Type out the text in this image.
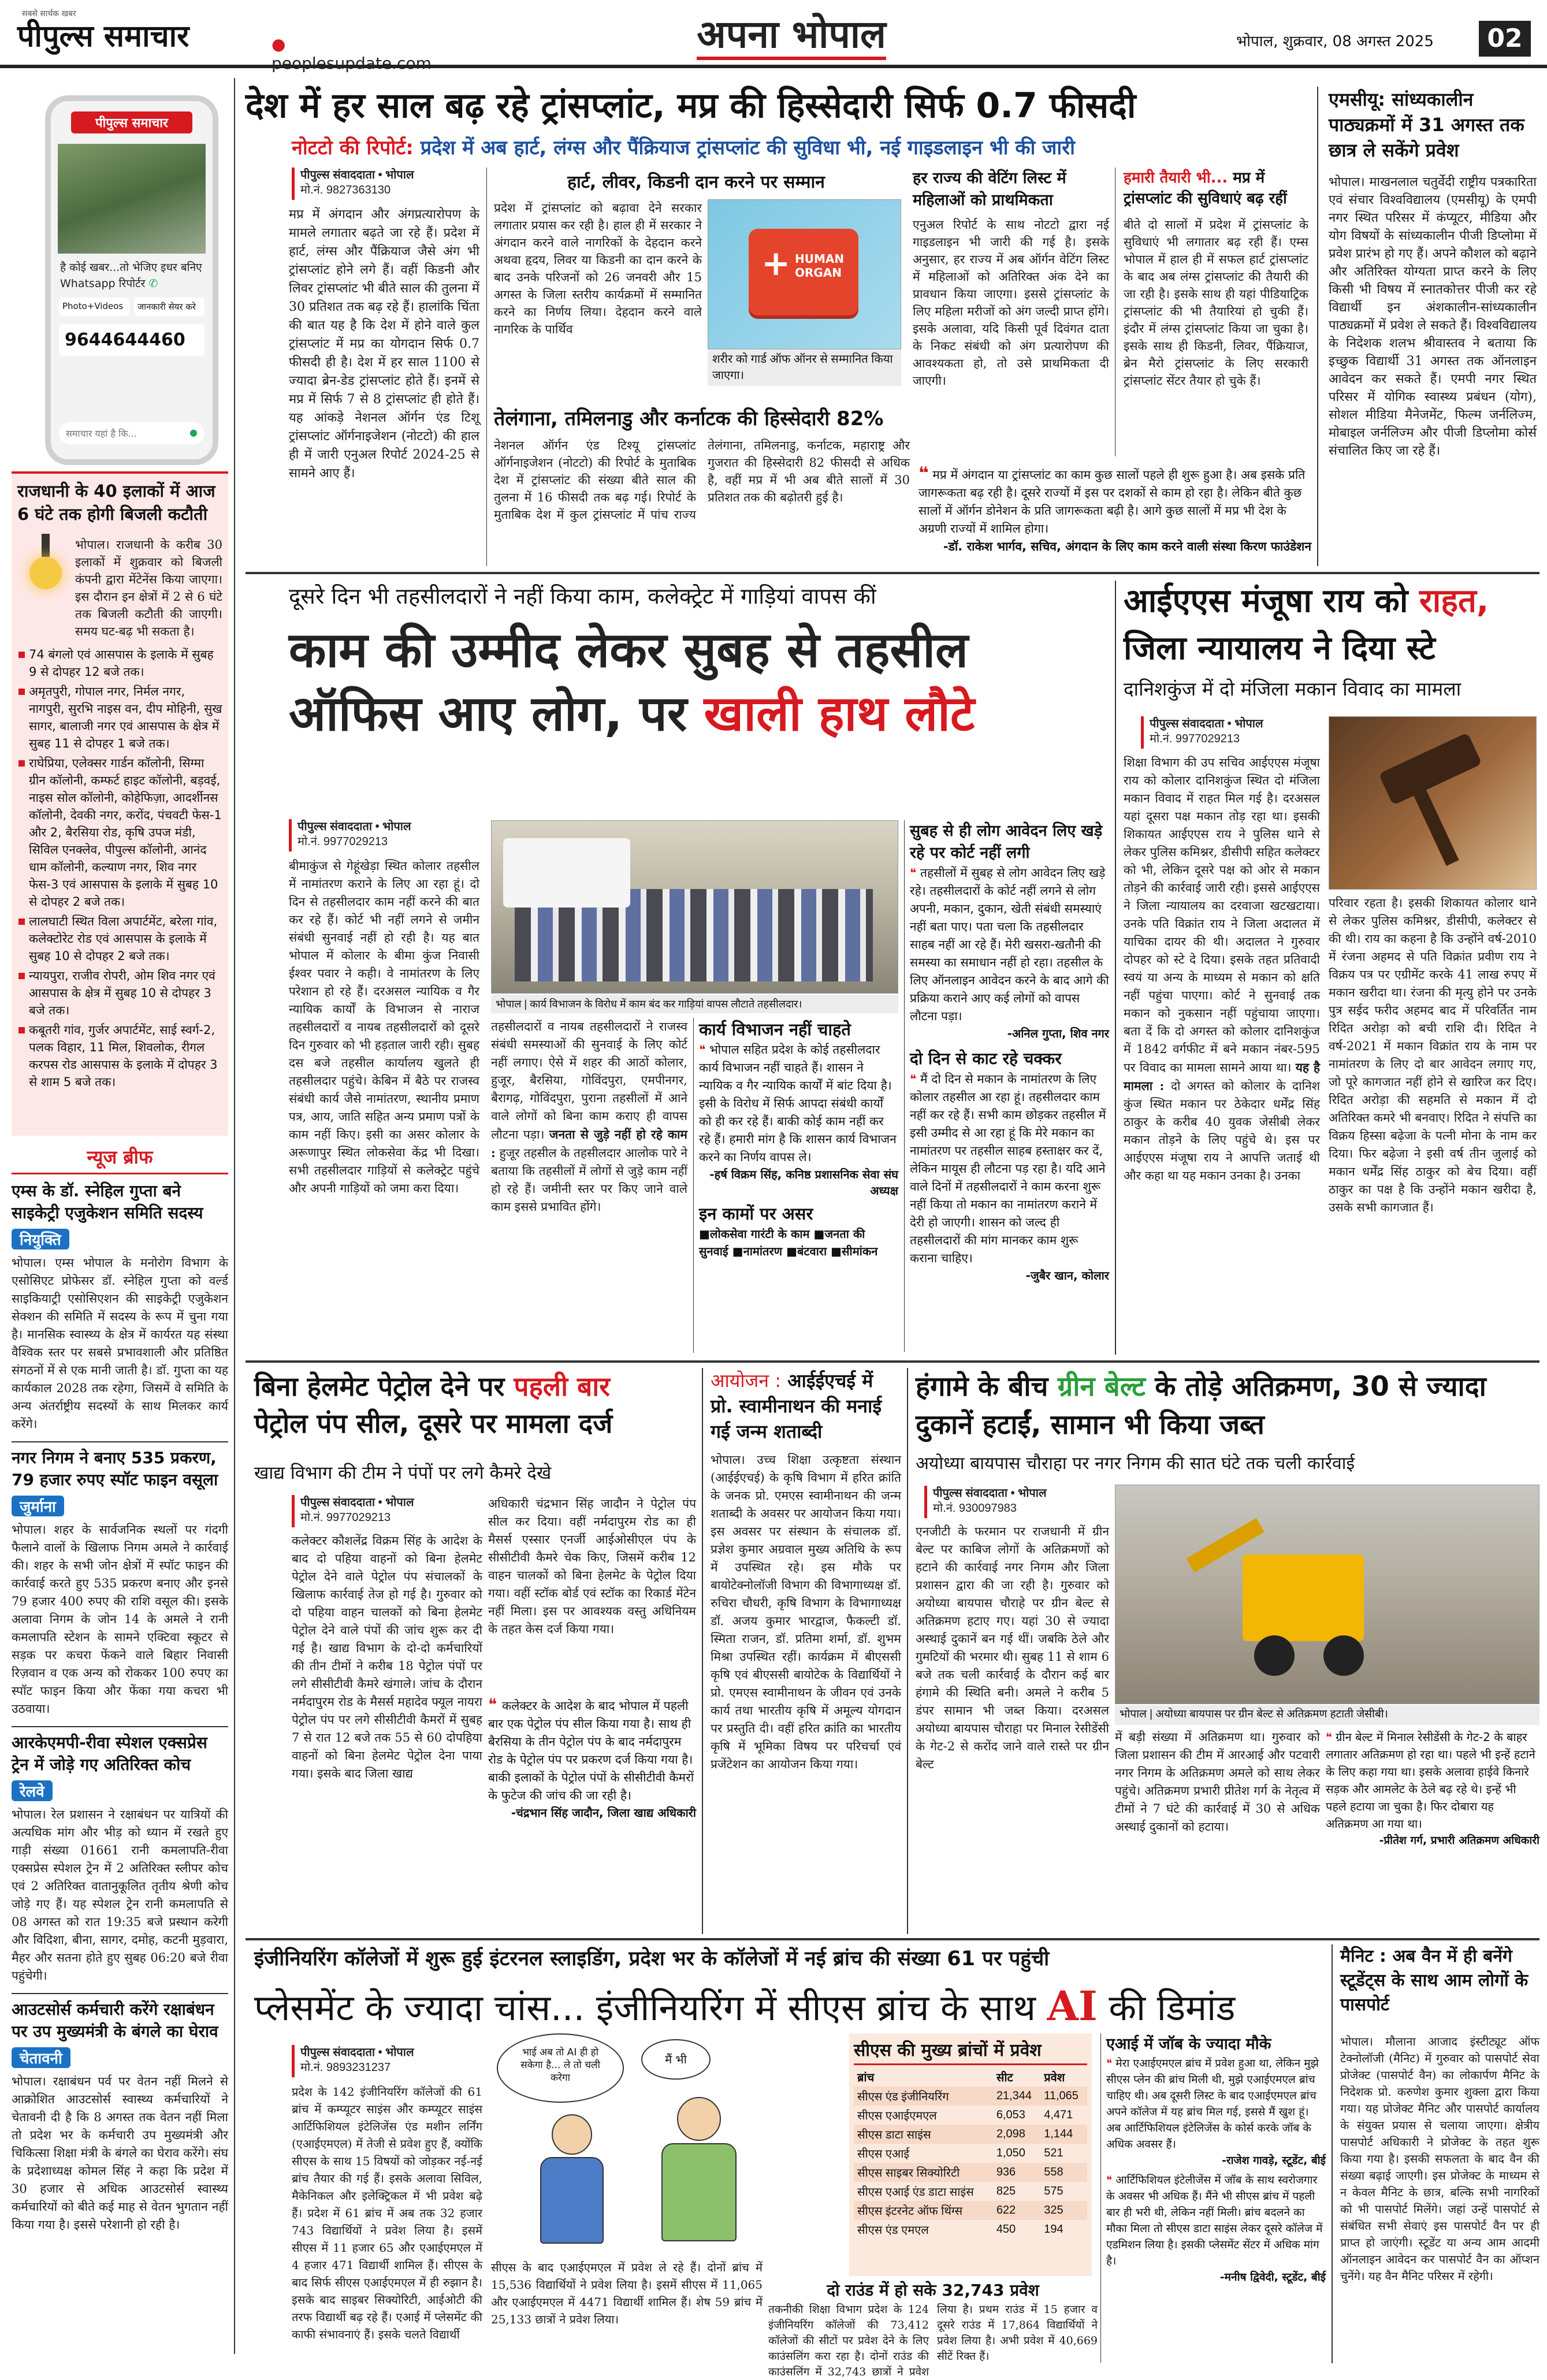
सबसे सार्थक खबर
पीपुल्स समाचार	● peoplesupdate.com
अपना भोपाल	भोपाल, शुक्रवार, 08 अगस्त 2025	02
पीपुल्स समाचार
है कोई खबर...तो भेजिए इधर बनिए Whatsapp रिपोर्टर ✆
Photo+Videos	जानकारी सेयर करे
9644644460
समाचार यहां है कि...	●
राजधानी के 40 इलाकों में आज 6 घंटे तक होगी बिजली कटौती
भोपाल। राजधानी के करीब 30 इलाकों में शुक्रवार को बिजली कंपनी द्वारा मेंटेनेंस किया जाएगा। इस दौरान इन क्षेत्रों में 2 से 6 घंटे तक बिजली कटौती की जाएगी। समय घट-बढ़ भी सकता है।
74 बंगलो एवं आसपास के इलाके में सुबह 9 से दोपहर 12 बजे तक।
अमृतपुरी, गोपाल नगर, निर्मल नगर, नागपुरी, सुरभि नाइस वन, दीप मोहिनी, सुख सागर, बालाजी नगर एवं आसपास के क्षेत्र में सुबह 11 से दोपहर 1 बजे तक।
राघेप्रिया, एलेक्सर गार्डन कॉलोनी, सिग्मा ग्रीन कॉलोनी, कम्फर्ट हाइट कॉलोनी, बड़वई, नाइस सोल कॉलोनी, कोहेफिज़ा, आदर्शीनस कॉलोनी, देवकी नगर, करोंद, पंचवटी फेस-1 और 2, बैरसिया रोड, कृषि उपज मंडी, सिविल एनक्लेव, पीपुल्स कॉलोनी, आनंद धाम कॉलोनी, कल्याण नगर, शिव नगर फेस-3 एवं आसपास के इलाके में सुबह 10 से दोपहर 2 बजे तक।
लालघाटी स्थित विला अपार्टमेंट, बरेला गांव, कलेक्टोरेट रोड एवं आसपास के इलाके में सुबह 10 से दोपहर 2 बजे तक।
न्यायपुरा, राजीव रोपरी, ओम शिव नगर एवं आसपास के क्षेत्र में सुबह 10 से दोपहर 3 बजे तक।
कबूतरी गांव, गुर्जर अपार्टमेंट, साई स्वर्ग-2, पलक विहार, 11 मिल, शिवलोक, रीगल करपस रोड आसपास के इलाके में दोपहर 3 से शाम 5 बजे तक।
न्यूज ब्रीफ
एम्स के डॉ. स्नेहिल गुप्ता बने साइकेट्री एजुकेशन समिति सदस्य
नियुक्ति
भोपाल। एम्स भोपाल के मनोरोग विभाग के एसोसिएट प्रोफेसर डॉ. स्नेहिल गुप्ता को वर्ल्ड साइकियाट्री एसोसिएशन की साइकेट्री एजुकेशन सेक्शन की समिति में सदस्य के रूप में चुना गया है। मानसिक स्वास्थ्य के क्षेत्र में कार्यरत यह संस्था वैश्विक स्तर पर सबसे प्रभावशाली और प्रतिष्ठित संगठनों में से एक मानी जाती है। डॉ. गुप्ता का यह कार्यकाल 2028 तक रहेगा, जिसमें वे समिति के अन्य अंतर्राष्ट्रीय सदस्यों के साथ मिलकर कार्य करेंगे।
नगर निगम ने बनाए 535 प्रकरण, 79 हजार रुपए स्पॉट फाइन वसूला
जुर्माना
भोपाल। शहर के सार्वजनिक स्थलों पर गंदगी फैलाने वालों के खिलाफ निगम अमले ने कार्रवाई की। शहर के सभी जोन क्षेत्रों में स्पॉट फाइन की कार्रवाई करते हुए 535 प्रकरण बनाए और इनसे 79 हजार 400 रुपए की राशि वसूल की। इसके अलावा निगम के जोन 14 के अमले ने रानी कमलापति स्टेशन के सामने एक्टिवा स्कूटर से सड़क पर कचरा फेंकने वाले बिहार निवासी रिज़वान व एक अन्य को रोककर 100 रुपए का स्पॉट फाइन किया और फेंका गया कचरा भी उठवाया।
आरकेएमपी-रीवा स्पेशल एक्सप्रेस ट्रेन में जोड़े गए अतिरिक्त कोच
रेलवे
भोपाल। रेल प्रशासन ने रक्षाबंधन पर यात्रियों की अत्यधिक मांग और भीड़ को ध्यान में रखते हुए गाड़ी संख्या 01661 रानी कमलापति-रीवा एक्सप्रेस स्पेशल ट्रेन में 2 अतिरिक्त स्लीपर कोच एवं 2 अतिरिक्त वातानुकूलित तृतीय श्रेणी कोच जोड़े गए हैं। यह स्पेशल ट्रेन रानी कमलापति से 08 अगस्त को रात 19:35 बजे प्रस्थान करेगी और विदिशा, बीना, सागर, दमोह, कटनी मुड़वारा, मैहर और सतना होते हुए सुबह 06:20 बजे रीवा पहुंचेगी।
आउटसोर्स कर्मचारी करेंगे रक्षाबंधन पर उप मुख्यमंत्री के बंगले का घेराव
चेतावनी
भोपाल। रक्षाबंधन पर्व पर वेतन नहीं मिलने से आक्रोशित आउटसोर्स स्वास्थ्य कर्मचारियों ने चेतावनी दी है कि 8 अगस्त तक वेतन नहीं मिला तो प्रदेश भर के कर्मचारी उप मुख्यमंत्री और चिकित्सा शिक्षा मंत्री के बंगले का घेराव करेंगे। संघ के प्रदेशाध्यक्ष कोमल सिंह ने कहा कि प्रदेश में 30 हजार से अधिक आउटसोर्स स्वास्थ्य कर्मचारियों को बीते कई माह से वेतन भुगतान नहीं किया गया है। इससे परेशानी हो रही है।
देश में हर साल बढ़ रहे ट्रांसप्लांट, मप्र की हिस्सेदारी सिर्फ 0.7 फीसदी
नोटटो की रिपोर्ट: प्रदेश में अब हार्ट, लंग्स और पैंक्रियाज ट्रांसप्लांट की सुविधा भी, नई गाइडलाइन भी की जारी
पीपुल्स संवाददाता • भोपाल
मो.नं. 9827363130
मप्र में अंगदान और अंगप्रत्यारोपण के मामले लगातार बढ़ते जा रहे हैं। प्रदेश में हार्ट, लंग्स और पैंक्रियाज जैसे अंग भी ट्रांसप्लांट होने लगे हैं। वहीं किडनी और लिवर ट्रांसप्लांट भी बीते साल की तुलना में 30 प्रतिशत तक बढ़ रहे हैं। हालांकि चिंता की बात यह है कि देश में होने वाले कुल ट्रांसप्लांट में मप्र का योगदान सिर्फ 0.7 फीसदी ही है। देश में हर साल 1100 से ज्यादा ब्रेन-डेड ट्रांसप्लांट होते हैं। इनमें से मप्र में सिर्फ 7 से 8 ट्रांसप्लांट ही होते हैं। यह आंकड़े नेशनल ऑर्गन एंड टिशू ट्रांसप्लांट ऑर्गनाइजेशन (नोटटो) की हाल ही में जारी एनुअल रिपोर्ट 2024-25 से सामने आए हैं।
हार्ट, लीवर, किडनी दान करने पर सम्मान
प्रदेश में ट्रांसप्लांट को बढ़ावा देने सरकार लगातार प्रयास कर रही है। हाल ही में सरकार ने अंगदान करने वाले नागरिकों के देहदान करने अथवा हृदय, लिवर या किडनी का दान करने के बाद उनके परिजनों को 26 जनवरी और 15 अगस्त के जिला स्तरीय कार्यक्रमों में सम्मानित करने का निर्णय लिया। देहदान करने वाले नागरिक के पार्थिव
+ HUMAN ORGAN
शरीर को गार्ड ऑफ ऑनर से सम्मानित किया जाएगा।
हर राज्य की वेटिंग लिस्ट में महिलाओं को प्राथमिकता
एनुअल रिपोर्ट के साथ नोटटो द्वारा नई गाइडलाइन भी जारी की गई है। इसके अनुसार, हर राज्य में अब ऑर्गन वेटिंग लिस्ट में महिलाओं को अतिरिक्त अंक देने का प्रावधान किया जाएगा। इससे ट्रांसप्लांट के लिए महिला मरीजों को अंग जल्दी प्राप्त होंगे। इसके अलावा, यदि किसी पूर्व दिवंगत दाता के निकट संबंधी को अंग प्रत्यारोपण की आवश्यकता हो, तो उसे प्राथमिकता दी जाएगी।
हमारी तैयारी भी... मप्र में ट्रांसप्लांट की सुविधाएं बढ़ रहीं
बीते दो सालों में प्रदेश में ट्रांसप्लांट के सुविधाएं भी लगातार बढ़ रही हैं। एम्स भोपाल में हाल ही में सफल हार्ट ट्रांसप्लांट के बाद अब लंग्स ट्रांसप्लांट की तैयारी की जा रही है। इसके साथ ही यहां पीडियाट्रिक ट्रांसप्लांट की भी तैयारियां हो चुकी हैं। इंदौर में लंग्स ट्रांसप्लांट किया जा चुका है। इसके साथ ही किडनी, लिवर, पैंक्रियाज, ब्रेन मैरो ट्रांसप्लांट के लिए सरकारी ट्रांसप्लांट सेंटर तैयार हो चुके हैं।
तेलंगाना, तमिलनाडु और कर्नाटक की हिस्सेदारी 82%
नेशनल ऑर्गन एंड टिश्यू ट्रांसप्लांट ऑर्गनाइजेशन (नोटटो) की रिपोर्ट के मुताबिक देश में ट्रांसप्लांट की संख्या बीते साल की तुलना में 16 फीसदी तक बढ़ गई। रिपोर्ट के मुताबिक देश में कुल ट्रांसप्लांट में पांच राज्य तेलंगाना, तमिलनाडु, कर्नाटक, महाराष्ट्र और गुजरात की हिस्सेदारी 82 फीसदी से अधिक है, वहीं मप्र में भी अब बीते सालों में 30 प्रतिशत तक की बढ़ोतरी हुई है।
❝ मप्र में अंगदान या ट्रांसप्लांट का काम कुछ सालों पहले ही शुरू हुआ है। अब इसके प्रति जागरूकता बढ़ रही है। दूसरे राज्यों में इस पर दशकों से काम हो रहा है। लेकिन बीते कुछ सालों में ऑर्गन डोनेशन के प्रति जागरूकता बढ़ी है। आगे कुछ सालों में मप्र भी देश के अग्रणी राज्यों में शामिल होगा।
-डॉ. राकेश भार्गव, सचिव, अंगदान के लिए काम करने वाली संस्था किरण फाउंडेशन
एमसीयू: सांध्यकालीन पाठ्यक्रमों में 31 अगस्त तक छात्र ले सकेंगे प्रवेश
भोपाल। माखनलाल चतुर्वेदी राष्ट्रीय पत्रकारिता एवं संचार विश्वविद्यालय (एमसीयू) के एमपी नगर स्थित परिसर में कंप्यूटर, मीडिया और योग विषयों के सांध्यकालीन पीजी डिप्लोमा में प्रवेश प्रारंभ हो गए हैं। अपने कौशल को बढ़ाने और अतिरिक्त योग्यता प्राप्त करने के लिए किसी भी विषय में स्नातकोत्तर पीजी कर रहे विद्यार्थी इन अंशकालीन-सांध्यकालीन पाठ्यक्रमों में प्रवेश ले सकते हैं। विश्वविद्यालय के निदेशक शलभ श्रीवास्तव ने बताया कि इच्छुक विद्यार्थी 31 अगस्त तक ऑनलाइन आवेदन कर सकते हैं। एमपी नगर स्थित परिसर में योगिक स्वास्थ्य प्रबंधन (योग), सोशल मीडिया मैनेजमेंट, फिल्म जर्नलिज्म, मोबाइल जर्नलिज्म और पीजी डिप्लोमा कोर्स संचालित किए जा रहे हैं।
दूसरे दिन भी तहसीलदारों ने नहीं किया काम, कलेक्ट्रेट में गाड़ियां वापस कीं
काम की उम्मीद लेकर सुबह से तहसील ऑफिस आए लोग, पर खाली हाथ लौटे
पीपुल्स संवाददाता • भोपाल
मो.नं. 9977029213
बीमाकुंज से गेहूंखेड़ा स्थित कोलार तहसील में नामांतरण कराने के लिए आ रहा हूं। दो दिन से तहसीलदार काम नहीं करने की बात कर रहे हैं। कोर्ट भी नहीं लगने से जमीन संबंधी सुनवाई नहीं हो रही है। यह बात भोपाल में कोलार के बीमा कुंज निवासी ईश्वर पवार ने कही। वे नामांतरण के लिए परेशान हो रहे हैं। दरअसल न्यायिक व गैर न्यायिक कार्यों के विभाजन से नाराज तहसीलदारों व नायब तहसीलदारों को दूसरे दिन गुरुवार को भी हड़ताल जारी रही। सुबह दस बजे तहसील कार्यालय खुलते ही तहसीलदार पहुंचे। केबिन में बैठे पर राजस्व संबंधी कार्य जैसे नामांतरण, स्थानीय प्रमाण पत्र, आय, जाति सहित अन्य प्रमाण पत्रों के काम नहीं किए। इसी का असर कोलार के अरूणापुर स्थित लोकसेवा केंद्र भी दिखा। सभी तहसीलदार गाड़ियों से कलेक्ट्रेट पहुंचे और अपनी गाड़ियों को जमा करा दिया।
भोपाल | कार्य विभाजन के विरोध में काम बंद कर गाड़ियां वापस लौटाते तहसीलदार।
तहसीलदारों व नायब तहसीलदारों ने राजस्व संबंधी समस्याओं की सुनवाई के लिए कोर्ट नहीं लगाए। ऐसे में शहर की आठों कोलार, हुजूर, बैरसिया, गोविंदपुरा, एमपीनगर, बैरागढ़, गोविंदपुरा, पुराना तहसीलों में आने वाले लोगों को बिना काम कराए ही वापस लौटना पड़ा। जनता से जुड़े नहीं हो रहे काम : हुजूर तहसील के तहसीलदार आलोक पारे ने बताया कि तहसीलों में लोगों से जुड़े काम नहीं हो रहे हैं। जमीनी स्तर पर किए जाने वाले काम इससे प्रभावित होंगे।
कार्य विभाजन नहीं चाहते
❝ भोपाल सहित प्रदेश के कोई तहसीलदार कार्य विभाजन नहीं चाहते हैं। शासन ने न्यायिक व गैर न्यायिक कार्यों में बांट दिया है। इसी के विरोध में सिर्फ आपदा संबंधी कार्यों को ही कर रहे हैं। बाकी कोई काम नहीं कर रहे हैं। हमारी मांग है कि शासन कार्य विभाजन करने का निर्णय वापस ले।
-हर्ष विक्रम सिंह, कनिष्ठ प्रशासनिक सेवा संघ अध्यक्ष
इन कामों पर असर
■लोकसेवा गारंटी के काम ■जनता की सुनवाई ■नामांतरण ■बंटवारा ■सीमांकन
सुबह से ही लोग आवेदन लिए खड़े रहे पर कोर्ट नहीं लगी
❝ तहसीलों में सुबह से लोग आवेदन लिए खड़े रहे। तहसीलदारों के कोर्ट नहीं लगने से लोग अपनी, मकान, दुकान, खेती संबंधी समस्याएं नहीं बता पाए। पता चला कि तहसीलदार साहब नहीं आ रहे हैं। मेरी खसरा-खतौनी की समस्या का समाधान नहीं हो रहा। तहसील के लिए ऑनलाइन आवेदन करने के बाद आगे की प्रक्रिया कराने आए कई लोगों को वापस लौटना पड़ा।
-अनिल गुप्ता, शिव नगर
दो दिन से काट रहे चक्कर
❝ मैं दो दिन से मकान के नामांतरण के लिए कोलार तहसील आ रहा हूं। तहसीलदार काम नहीं कर रहे हैं। सभी काम छोड़कर तहसील में इसी उम्मीद से आ रहा हूं कि मेरे मकान का नामांतरण पर तहसील साहब हस्ताक्षर कर दें, लेकिन मायूस ही लौटना पड़ रहा है। यदि आने वाले दिनों में तहसीलदारों ने काम करना शुरू नहीं किया तो मकान का नामांतरण कराने में देरी हो जाएगी। शासन को जल्द ही तहसीलदारों की मांग मानकर काम शुरू कराना चाहिए।
-जुबैर खान, कोलार
आईएएस मंजूषा राय को राहत,
जिला न्यायालय ने दिया स्टे
दानिशकुंज में दो मंजिला मकान विवाद का मामला
पीपुल्स संवाददाता • भोपाल
मो.नं. 9977029213
शिक्षा विभाग की उप सचिव आईएएस मंजूषा राय को कोलार दानिशकुंज स्थित दो मंजिला मकान विवाद में राहत मिल गई है। दरअसल यहां दूसरा पक्ष मकान तोड़ रहा था। इसकी शिकायत आईएएस राय ने पुलिस थाने से लेकर पुलिस कमिश्नर, डीसीपी सहित कलेक्टर को भी, लेकिन दूसरे पक्ष को ओर से मकान तोड़ने की कार्रवाई जारी रही। इससे आईएएस ने जिला न्यायालय का दरवाजा खटखटाया। उनके पति विक्रांत राय ने जिला अदालत में याचिका दायर की थी। अदालत ने गुरुवार दोपहर को स्टे दे दिया। इसके तहत प्रतिवादी स्वयं या अन्य के माध्यम से मकान को क्षति नहीं पहुंचा पाएगा। कोर्ट ने सुनवाई तक मकान को नुकसान नहीं पहुंचाया जाएगा। बता दें कि दो अगस्त को कोलार दानिशकुंज में 1842 वर्गफीट में बने मकान नंबर-595 पर विवाद का मामला सामने आया था। यह है मामला : दो अगस्त को कोलार के दानिश कुंज स्थित मकान पर ठेकेदार धर्मेंद्र सिंह ठाकुर के करीब 40 युवक जेसीबी लेकर मकान तोड़ने के लिए पहुंचे थे। इस पर आईएएस मंजूषा राय ने आपत्ति जताई थी और कहा था यह मकान उनका है। उनका
परिवार रहता है। इसकी शिकायत कोलार थाने से लेकर पुलिस कमिश्नर, डीसीपी, कलेक्टर से की थी। राय का कहना है कि उन्होंने वर्ष-2010 में रंजना अहमद से पति विक्रांत प्रवीण राय ने विक्रय पत्र पर एग्रीमेंट करके 41 लाख रुपए में मकान खरीदा था। रंजना की मृत्यु होने पर उनके पुत्र सईद फरीद अहमद बाद में परिवर्तित नाम रिदित अरोड़ा को बची राशि दी। रिदित ने वर्ष-2021 में मकान विक्रांत राय के नाम पर नामांतरण के लिए दो बार आवेदन लगाए गए, जो पूरे कागजात नहीं होने से खारिज कर दिए। रिदित अरोड़ा की सहमति से मकान में दो अतिरिक्त कमरे भी बनवाए। रिदित ने संपत्ति का विक्रय हिस्सा बढ़ेजा के पत्नी मोना के नाम कर दिया। फिर बढ़ेजा ने इसी वर्ष तीन जुलाई को मकान धर्मेंद्र सिंह ठाकुर को बेच दिया। वहीं ठाकुर का पक्ष है कि उन्होंने मकान खरीदा है, उसके सभी कागजात हैं।
बिना हेलमेट पेट्रोल देने पर पहली बार
पेट्रोल पंप सील, दूसरे पर मामला दर्ज
खाद्य विभाग की टीम ने पंपों पर लगे कैमरे देखे
पीपुल्स संवाददाता • भोपाल
मो.नं. 9977029213
कलेक्टर कौशलेंद्र विक्रम सिंह के आदेश के बाद दो पहिया वाहनों को बिना हेलमेट पेट्रोल देने वाले पेट्रोल पंप संचालकों के खिलाफ कार्रवाई तेज हो गई है। गुरुवार को दो पहिया वाहन चालकों को बिना हेलमेट पेट्रोल देने वाले पंपों की जांच शुरू कर दी गई है। खाद्य विभाग के दो-दो कर्मचारियों की तीन टीमों ने करीब 18 पेट्रोल पंपों पर लगे सीसीटीवी कैमरे खंगाले। जांच के दौरान नर्मदापुरम रोड के मैसर्स महादेव फ्यूल नायरा पेट्रोल पंप पर लगे सीसीटीवी कैमरों में सुबह 7 से रात 12 बजे तक 55 से 60 दोपहिया वाहनों को बिना हेलमेट पेट्रोल देना पाया गया। इसके बाद जिला खाद्य
अधिकारी चंद्रभान सिंह जादौन ने पेट्रोल पंप सील कर दिया। वहीं नर्मदापुरम रोड का ही मैसर्स एस्सार एनर्जी आईओसीएल पंप के सीसीटीवी कैमरे चेक किए, जिसमें करीब 12 वाहन चालकों को बिना हेलमेट के पेट्रोल दिया गया। वहीं स्टॉक बोर्ड एवं स्टॉक का रिकार्ड मेंटेन नहीं मिला। इस पर आवश्यक वस्तु अधिनियम के तहत केस दर्ज किया गया।
❝ कलेक्टर के आदेश के बाद भोपाल में पहली बार एक पेट्रोल पंप सील किया गया है। साथ ही बैरसिया के तीन पेट्रोल पंप के बाद नर्मदापुरम रोड के पेट्रोल पंप पर प्रकरण दर्ज किया गया है। बाकी इलाकों के पेट्रोल पंपों के सीसीटीवी कैमरों के फुटेज की जांच की जा रही है।
-चंद्रभान सिंह जादौन, जिला खाद्य अधिकारी
आयोजन : आईईएचई में
प्रो. स्वामीनाथन की मनाई गई जन्म शताब्दी
भोपाल। उच्च शिक्षा उत्कृष्टता संस्थान (आईईएचई) के कृषि विभाग में हरित क्रांति के जनक प्रो. एमएस स्वामीनाथन की जन्म शताब्दी के अवसर पर आयोजन किया गया। इस अवसर पर संस्थान के संचालक डॉ. प्रज्ञेश कुमार अग्रवाल मुख्य अतिथि के रूप में उपस्थित रहे। इस मौके पर बायोटेक्नोलॉजी विभाग की विभागाध्यक्ष डॉ. रुचिरा चौधरी, कृषि विभाग के विभागाध्यक्ष डॉ. अजय कुमार भारद्वाज, फैकल्टी डॉ. स्मिता राजन, डॉ. प्रतिमा शर्मा, डॉ. शुभम मिश्रा उपस्थित रहीं। कार्यक्रम में बीएससी कृषि एवं बीएससी बायोटेक के विद्यार्थियों ने प्रो. एमएस स्वामीनाथन के जीवन एवं उनके कार्य तथा भारतीय कृषि में अमूल्य योगदान पर प्रस्तुति दी। वहीं हरित क्रांति का भारतीय कृषि में भूमिका विषय पर परिचर्चा एवं प्रजेंटेशन का आयोजन किया गया।
हंगामे के बीच ग्रीन बेल्ट के तोड़े अतिक्रमण, 30 से ज्यादा दुकानें हटाईं, सामान भी किया जब्त
अयोध्या बायपास चौराहा पर नगर निगम की सात घंटे तक चली कार्रवाई
पीपुल्स संवाददाता • भोपाल
मो.नं. 930097983
भोपाल | अयोध्या बायपास पर ग्रीन बेल्ट से अतिक्रमण हटाती जेसीबी।
एनजीटी के फरमान पर राजधानी में ग्रीन बेल्ट पर काबिज लोगों के अतिक्रमणों को हटाने की कार्रवाई नगर निगम और जिला प्रशासन द्वारा की जा रही है। गुरुवार को अयोध्या बायपास चौराहे पर ग्रीन बेल्ट से अतिक्रमण हटाए गए। यहां 30 से ज्यादा अस्थाई दुकानें बन गई थीं। जबकि ठेले और गुमटियों की भरमार थी। सुबह 11 से शाम 6 बजे तक चली कार्रवाई के दौरान कई बार हंगामे की स्थिति बनी। अमले ने करीब 5 डंपर सामान भी जब्त किया। दरअसल अयोध्या बायपास चौराहा पर मिनाल रेसीडेंसी के गेट-2 से करोंद जाने वाले रास्ते पर ग्रीन बेल्ट
में बड़ी संख्या में अतिक्रमण था। गुरुवार को जिला प्रशासन की टीम में आरआई और पटवारी नगर निगम के अतिक्रमण अमले को साथ लेकर पहुंचे। अतिक्रमण प्रभारी प्रीतेश गर्ग के नेतृत्व में टीमों ने 7 घंटे की कार्रवाई में 30 से अधिक अस्थाई दुकानों को हटाया।
❝ ग्रीन बेल्ट में मिनाल रेसीडेंसी के गेट-2 के बाहर लगातार अतिक्रमण हो रहा था। पहले भी इन्हें हटाने के लिए कहा गया था। इसके अलावा हाईवे किनारे सड़क और आमलेट के ठेले बढ़ रहे थे। इन्हें भी पहले हटाया जा चुका है। फिर दोबारा यह अतिक्रमण आ गया था।
-प्रीतेश गर्ग, प्रभारी अतिक्रमण अधिकारी
इंजीनियरिंग कॉलेजों में शुरू हुई इंटरनल स्लाइडिंग, प्रदेश भर के कॉलेजों में नई ब्रांच की संख्या 61 पर पहुंची
प्लेसमेंट के ज्यादा चांस... इंजीनियरिंग में सीएस ब्रांच के साथ AI की डिमांड
पीपुल्स संवाददाता • भोपाल
मो.नं. 9893231237
प्रदेश के 142 इंजीनियरिंग कॉलेजों की 61 ब्रांच में कम्प्यूटर साइंस और कम्प्यूटर साइंस आर्टिफिशियल इंटेलिजेंस एंड मशीन लर्निंग (एआईएमएल) में तेजी से प्रवेश हुए हैं, क्योंकि सीएस के साथ 15 विषयों को जोड़कर नई-नई ब्रांच तैयार की गई हैं। इसके अलावा सिविल, मैकेनिकल और इलेक्ट्रिकल में भी प्रवेश बढ़े हैं। प्रदेश में 61 ब्रांच में अब तक 32 हजार 743 विद्यार्थियों ने प्रवेश लिया है। इसमें सीएस में 11 हजार 65 और एआईएमएल में 4 हजार 471 विद्यार्थी शामिल हैं। सीएस के बाद सिर्फ सीएस एआईएमएल में ही रुझान है। इसके बाद साइबर सिक्योरिटी, आईओटी की तरफ विद्यार्थी बढ़ रहे हैं। एआई में प्लेसमेंट की काफी संभावनाएं हैं। इसके चलते विद्यार्थी
भाई अब तो AI ही हो सकेगा है... ले तो चली करेगा
मैं भी
सीएस के बाद एआईएमएल में प्रवेश ले रहे हैं। दोनों ब्रांच में 15,536 विद्यार्थियों ने प्रवेश लिया है। इसमें सीएस में 11,065 और एआईएमएल में 4471 विद्यार्थी शामिल हैं। शेष 59 ब्रांच में 25,133 छात्रों ने प्रवेश लिया।
सीएस की मुख्य ब्रांचों में प्रवेश
ब्रांच	सीट	प्रवेश
सीएस एंड इंजीनियरिंग	21,344	11,065
सीएस एआईएमएल	6,053	4,471
सीएस डाटा साइंस	2,098	1,144
सीएस एआई	1,050	521
सीएस साइबर सिक्योरिटी	936	558
सीएस एआई एंड डाटा साइंस	825	575
सीएस इंटरनेट ऑफ थिंग्स	622	325
सीएस एंड एमएल	450	194
दो राउंड में हो सके 32,743 प्रवेश
तकनीकी शिक्षा विभाग प्रदेश के 124 इंजीनियरिंग कॉलेजों की 73,412 कॉलेजों की सीटों पर प्रवेश देने के लिए काउंसलिंग करा रहा है। दोनों राउंड की काउंसलिंग में 32,743 छात्रों ने प्रवेश लिया है। प्रथम राउंड में 15 हजार व दूसरे राउंड में 17,864 विद्यार्थियों ने प्रवेश लिया है। अभी प्रवेश में 40,669 सीटें रिक्त हैं।
एआई में जॉब के ज्यादा मौके
❝ मेरा एआईएमएल ब्रांच में प्रवेश हुआ था, लेकिन मुझे सीएस प्लेन की ब्रांच मिली थी, मुझे एआईएमएल ब्रांच चाहिए थी। अब दूसरी लिस्ट के बाद एआईएमएल ब्रांच अपने कॉलेज में यह ब्रांच मिल गई, इससे मैं खुश हूं। अब आर्टिफिशियल इंटेलिजेंस के कोर्स करके जॉब के अधिक अवसर हैं।
-राजेश गावड़े, स्टूडेंट, बीई
❝ आर्टिफिशियल इंटेलीजेंस में जॉब के साथ स्वरोजगार के अवसर भी अधिक हैं। मैंने भी सीएस ब्रांच में पहली बार ही भरी थी, लेकिन नहीं मिली। ब्रांच बदलने का मौका मिला तो सीएस डाटा साइंस लेकर दूसरे कॉलेज में एडमिशन लिया है। इसकी प्लेसमेंट सेंटर में अधिक मांग है।
-मनीष द्विवेदी, स्टूडेंट, बीई
मैनिट : अब वैन में ही बनेंगे स्टूडेंट्स के साथ आम लोगों के पासपोर्ट
भोपाल। मौलाना आजाद इंस्टीट्यूट ऑफ टेक्नोलॉजी (मैनिट) में गुरुवार को पासपोर्ट सेवा प्रोजेक्ट (पासपोर्ट वैन) का लोकार्पण मैनिट के निदेशक प्रो. करुणेश कुमार शुक्ला द्वारा किया गया। यह प्रोजेक्ट मैनिट और पासपोर्ट कार्यालय के संयुक्त प्रयास से चलाया जाएगा। क्षेत्रीय पासपोर्ट अधिकारी ने प्रोजेक्ट के तहत शुरू किया गया है। इसकी सफलता के बाद वैन की संख्या बढ़ाई जाएगी। इस प्रोजेक्ट के माध्यम से न केवल मैनिट के छात्र, बल्कि सभी नागरिकों को भी पासपोर्ट मिलेंगे। जहां उन्हें पासपोर्ट से संबंधित सभी सेवाएं इस पासपोर्ट वैन पर ही प्राप्त हो जाएंगी। स्टूडेंट या अन्य आम आदमी ऑनलाइन आवेदन कर पासपोर्ट वैन का ऑप्शन चुनेंगे। यह वैन मैनिट परिसर में रहेगी।
